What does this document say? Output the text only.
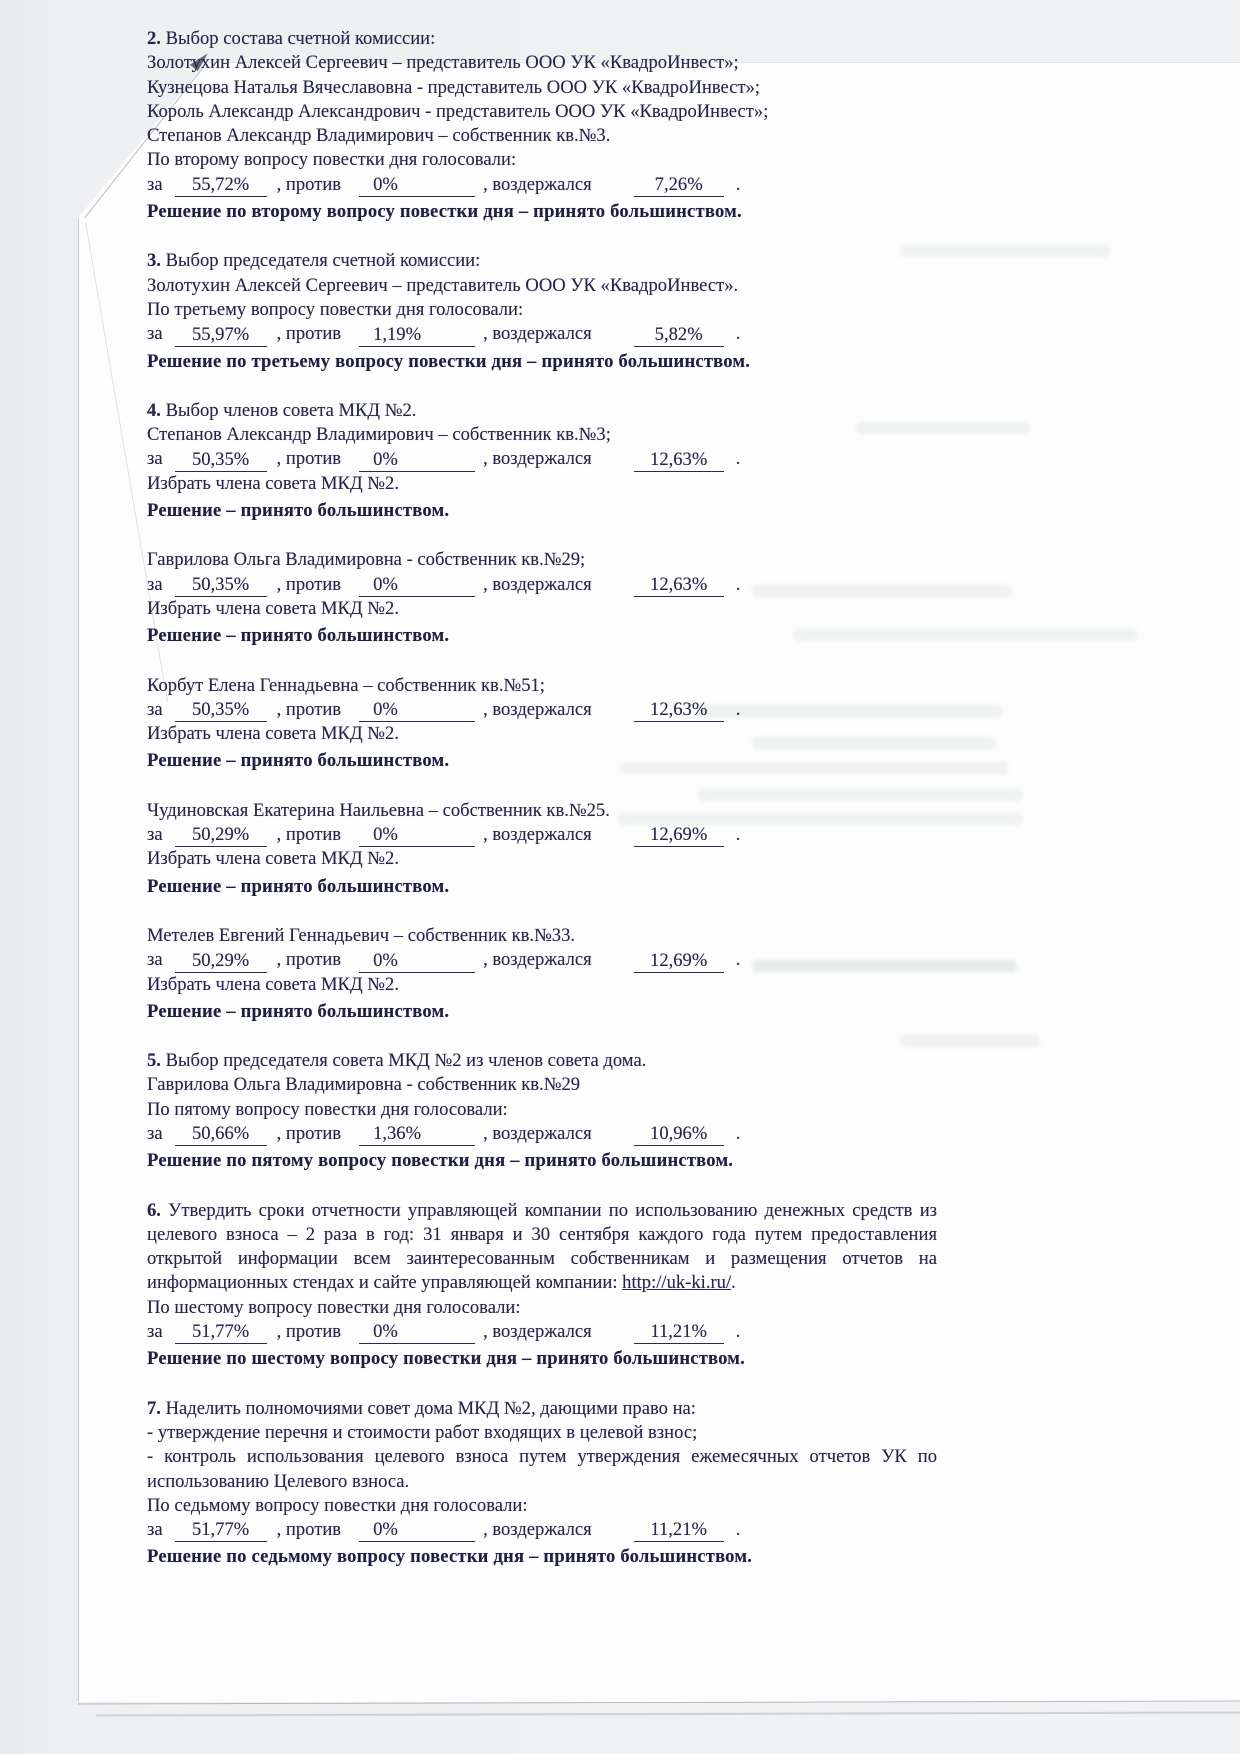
2. Выбор состава счетной комиссии:
Золотухин Алексей Сергеевич – представитель ООО УК «КвадроИнвест»;
Кузнецова Наталья Вячеславовна - представитель ООО УК «КвадроИнвест»;
Король Александр Александрович - представитель ООО УК «КвадроИнвест»;
Степанов Александр Владимирович – собственник кв.№3.
По второму вопросу повестки дня голосовали:
за 55,72% , против 0%	, воздержался	7,26% .
Решение по второму вопросу повестки дня – принято большинством.
3. Выбор председателя счетной комиссии:
Золотухин Алексей Сергеевич – представитель ООО УК «КвадроИнвест».
По третьему вопросу повестки дня голосовали:
за 55,97% , против 1,19%	, воздержался	5,82% .
Решение по третьему вопросу повестки дня – принято большинством.
4. Выбор членов совета МКД №2.
Степанов Александр Владимирович – собственник кв.№3;
за 50,35% , против 0%	, воздержался	12,63% .
Избрать члена совета МКД №2.
Решение – принято большинством.
Гаврилова Ольга Владимировна - собственник кв.№29;
за 50,35% , против 0%	, воздержался	12,63% .
Избрать члена совета МКД №2.
Решение – принято большинством.
Корбут Елена Геннадьевна – собственник кв.№51;
за 50,35% , против 0%	, воздержался	12,63% .
Избрать члена совета МКД №2.
Решение – принято большинством.
Чудиновская Екатерина Наильевна – собственник кв.№25.
за 50,29% , против 0%	, воздержался	12,69% .
Избрать члена совета МКД №2.
Решение – принято большинством.
Метелев Евгений Геннадьевич – собственник кв.№33.
за 50,29% , против 0%	, воздержался	12,69% .
Избрать члена совета МКД №2.
Решение – принято большинством.
5. Выбор председателя совета МКД №2 из членов совета дома.
Гаврилова Ольга Владимировна - собственник кв.№29
По пятому вопросу повестки дня голосовали:
за 50,66% , против 1,36%	, воздержался	10,96% .
Решение по пятому вопросу повестки дня – принято большинством.
6. Утвердить сроки отчетности управляющей компании по использованию денежных средств из
целевого взноса – 2 раза в год: 31 января и 30 сентября каждого года путем предоставления
открытой информации всем заинтересованным собственникам и размещения отчетов на
информационных стендах и сайте управляющей компании: http://uk-ki.ru/.
По шестому вопросу повестки дня голосовали:
за 51,77% , против 0%	, воздержался	11,21% .
Решение по шестому вопросу повестки дня – принято большинством.
7. Наделить полномочиями совет дома МКД №2, дающими право на:
- утверждение перечня и стоимости работ входящих в целевой взнос;
- контроль использования целевого взноса путем утверждения ежемесячных отчетов УК по
использованию Целевого взноса.
По седьмому вопросу повестки дня голосовали:
за 51,77% , против 0%	, воздержался	11,21% .
Решение по седьмому вопросу повестки дня – принято большинством.
